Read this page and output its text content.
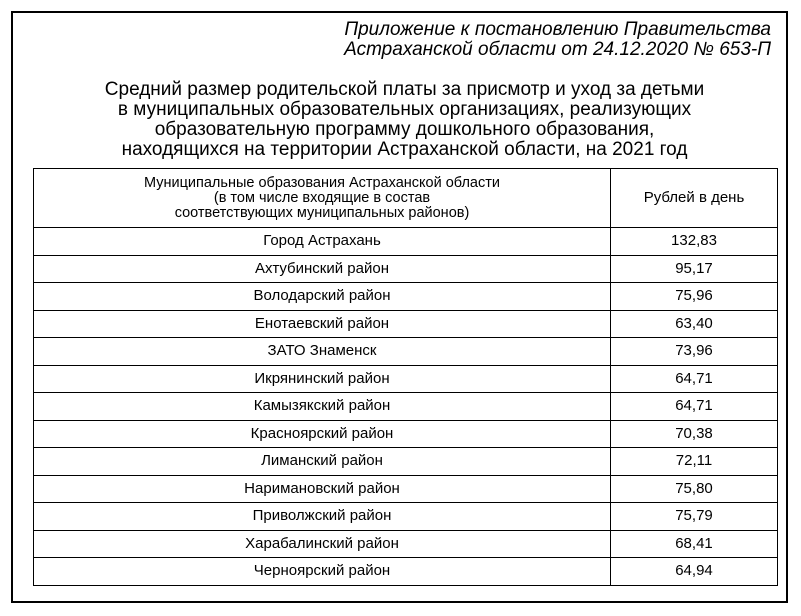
Приложение к постановлению Правительства
Астраханской области от 24.12.2020 № 653-П
Средний размер родительской платы за присмотр и уход за детьми
в муниципальных образовательных организациях, реализующих
образовательную программу дошкольного образования,
находящихся на территории Астраханской области, на 2021 год
Муниципальные образования Астраханской области
(в том числе входящие в состав
соответствующих муниципальных районов)	Рублей в день
Город Астрахань	132,83
Ахтубинский район	95,17
Володарский район	75,96
Енотаевский район	63,40
ЗАТО Знаменск	73,96
Икрянинский район	64,71
Камызякский район	64,71
Красноярский район	70,38
Лиманский район	72,11
Наримановский район	75,80
Приволжский район	75,79
Харабалинский район	68,41
Черноярский район	64,94
